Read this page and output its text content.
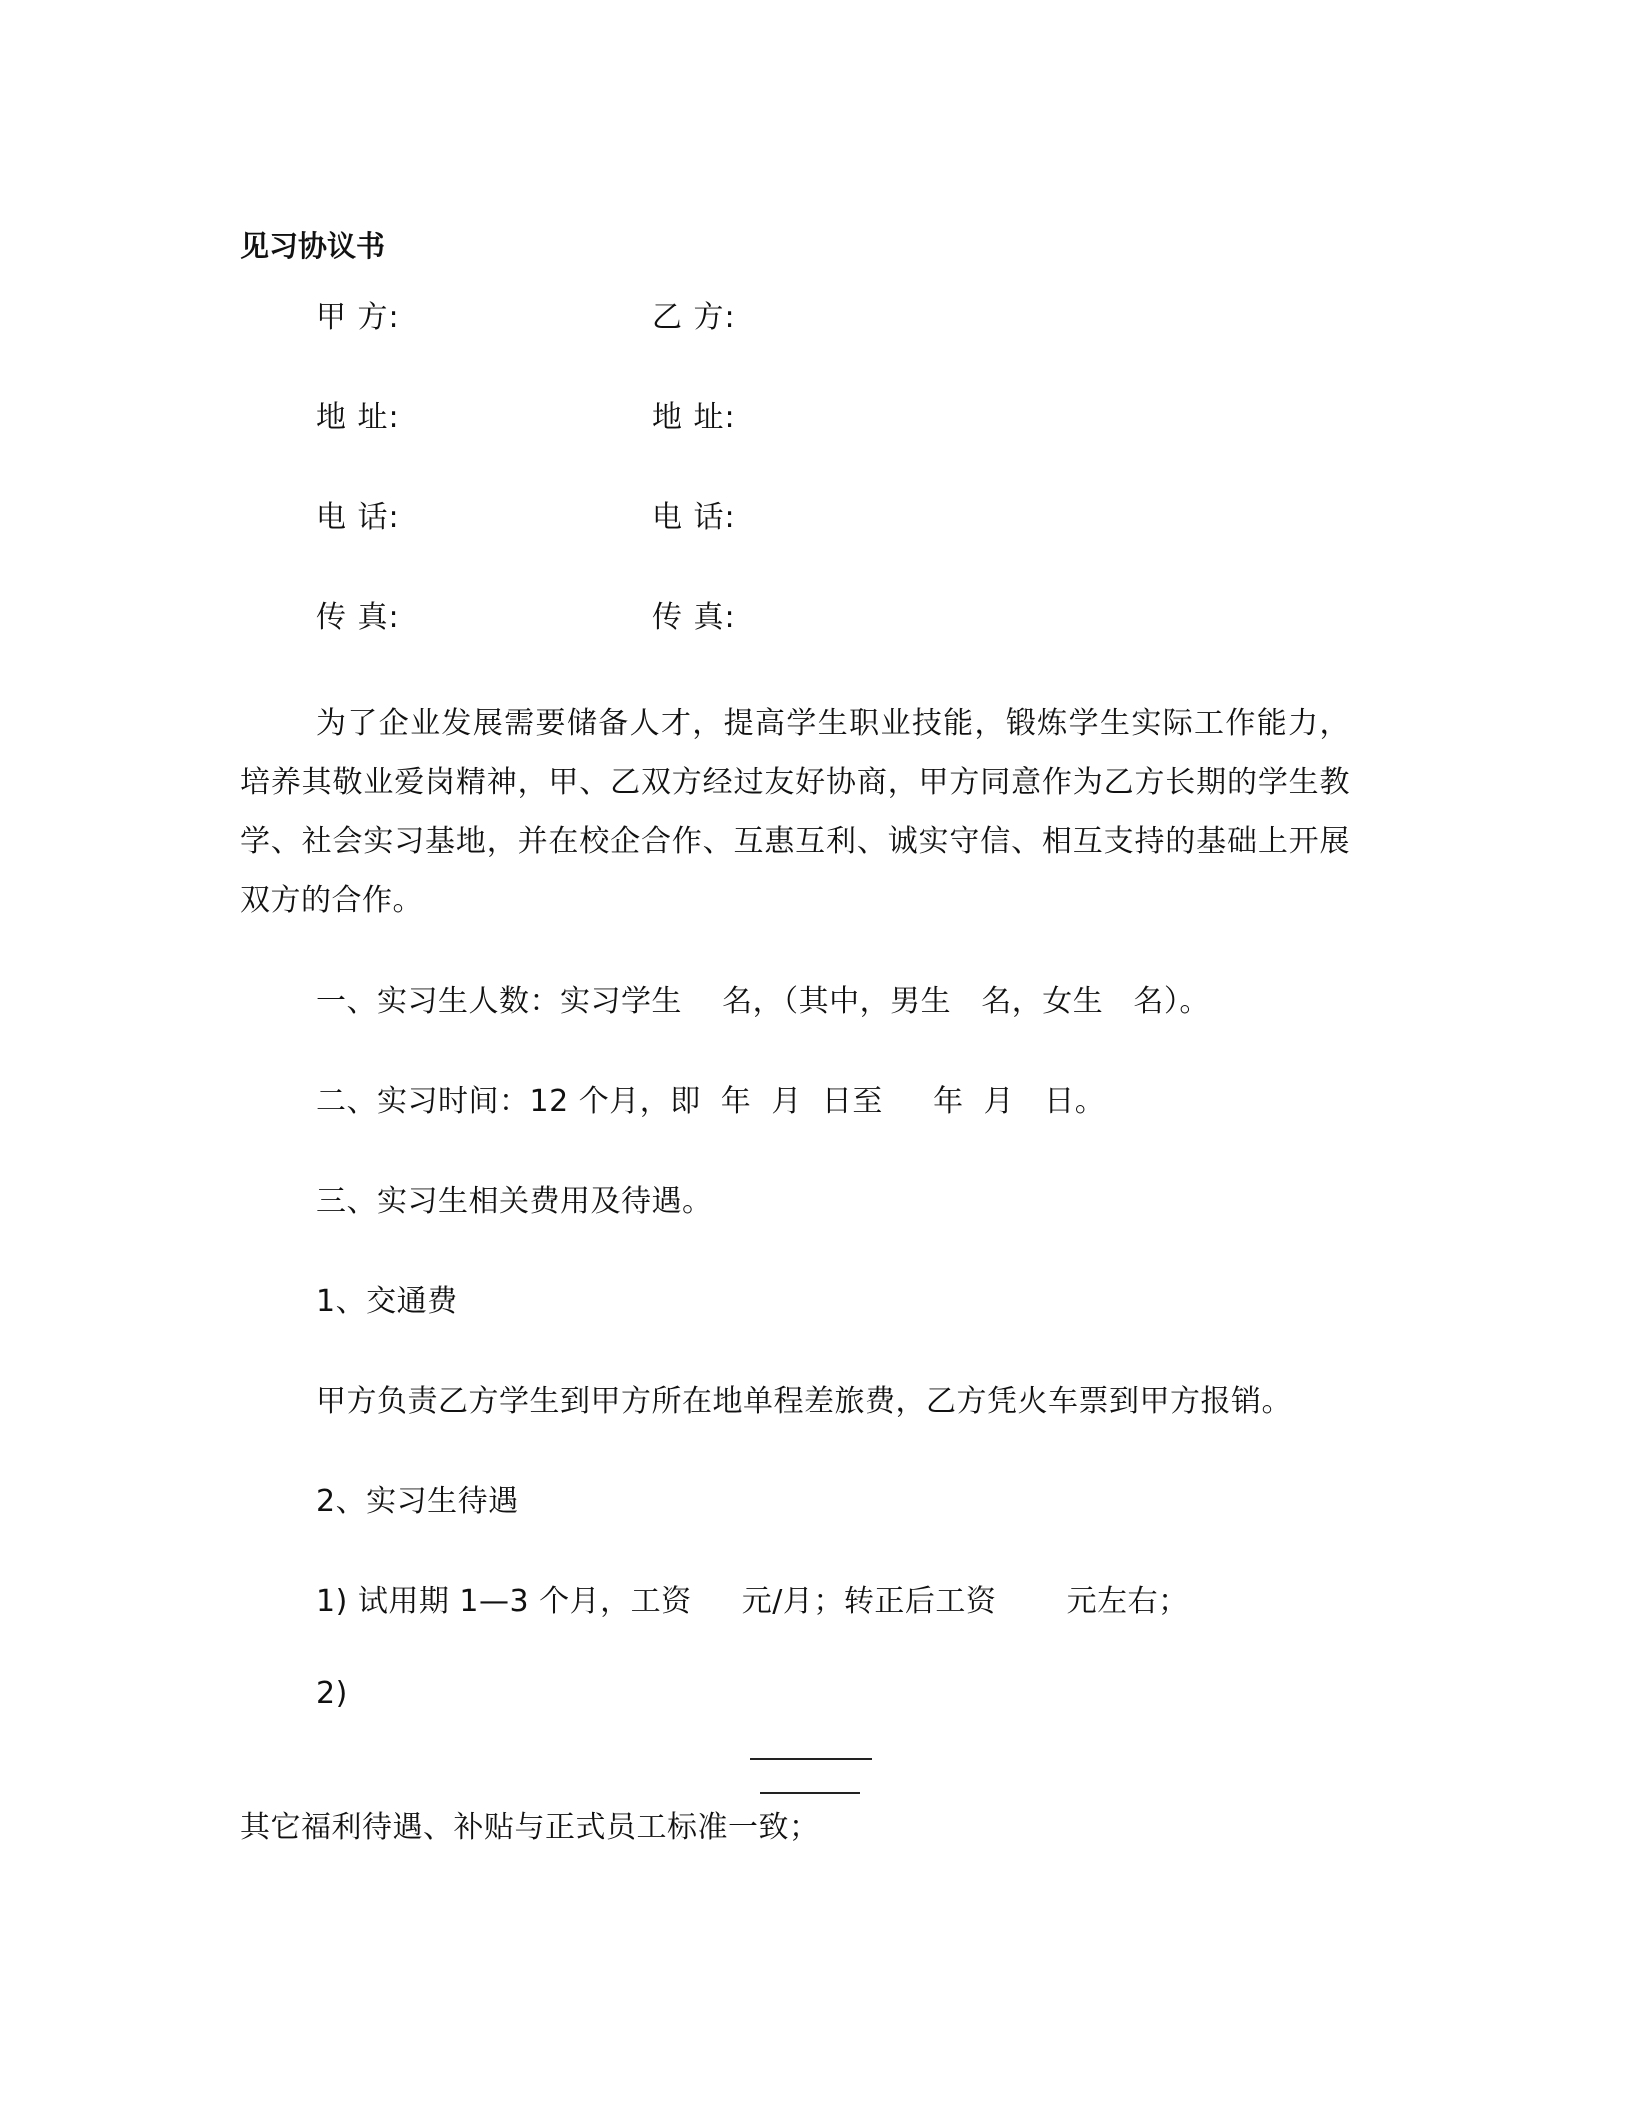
见习协议书
甲 方:	乙 方:
地 址:	地 址:
电 话:	电 话:
传 真:	传 真:
为了企业发展需要储备人才，提高学生职业技能，锻炼学生实际工作能力，培养其敬业爱岗精神，甲、乙双方经过友好协商，甲方同意作为乙方长期的学生教学、社会实习基地，并在校企合作、互惠互利、诚实守信、相互支持的基础上开展双方的合作。
一、实习生人数：实习学生    名，（其中，男生   名，女生   名）。
二、实习时间：12 个月，即  年  月  日至     年  月   日。
三、实习生相关费用及待遇。
1、交通费
甲方负责乙方学生到甲方所在地单程差旅费，乙方凭火车票到甲方报销。
2、实习生待遇
1) 试用期 1—3 个月，工资     元/月；转正后工资       元左右；
2)
其它福利待遇、补贴与正式员工标准一致；
